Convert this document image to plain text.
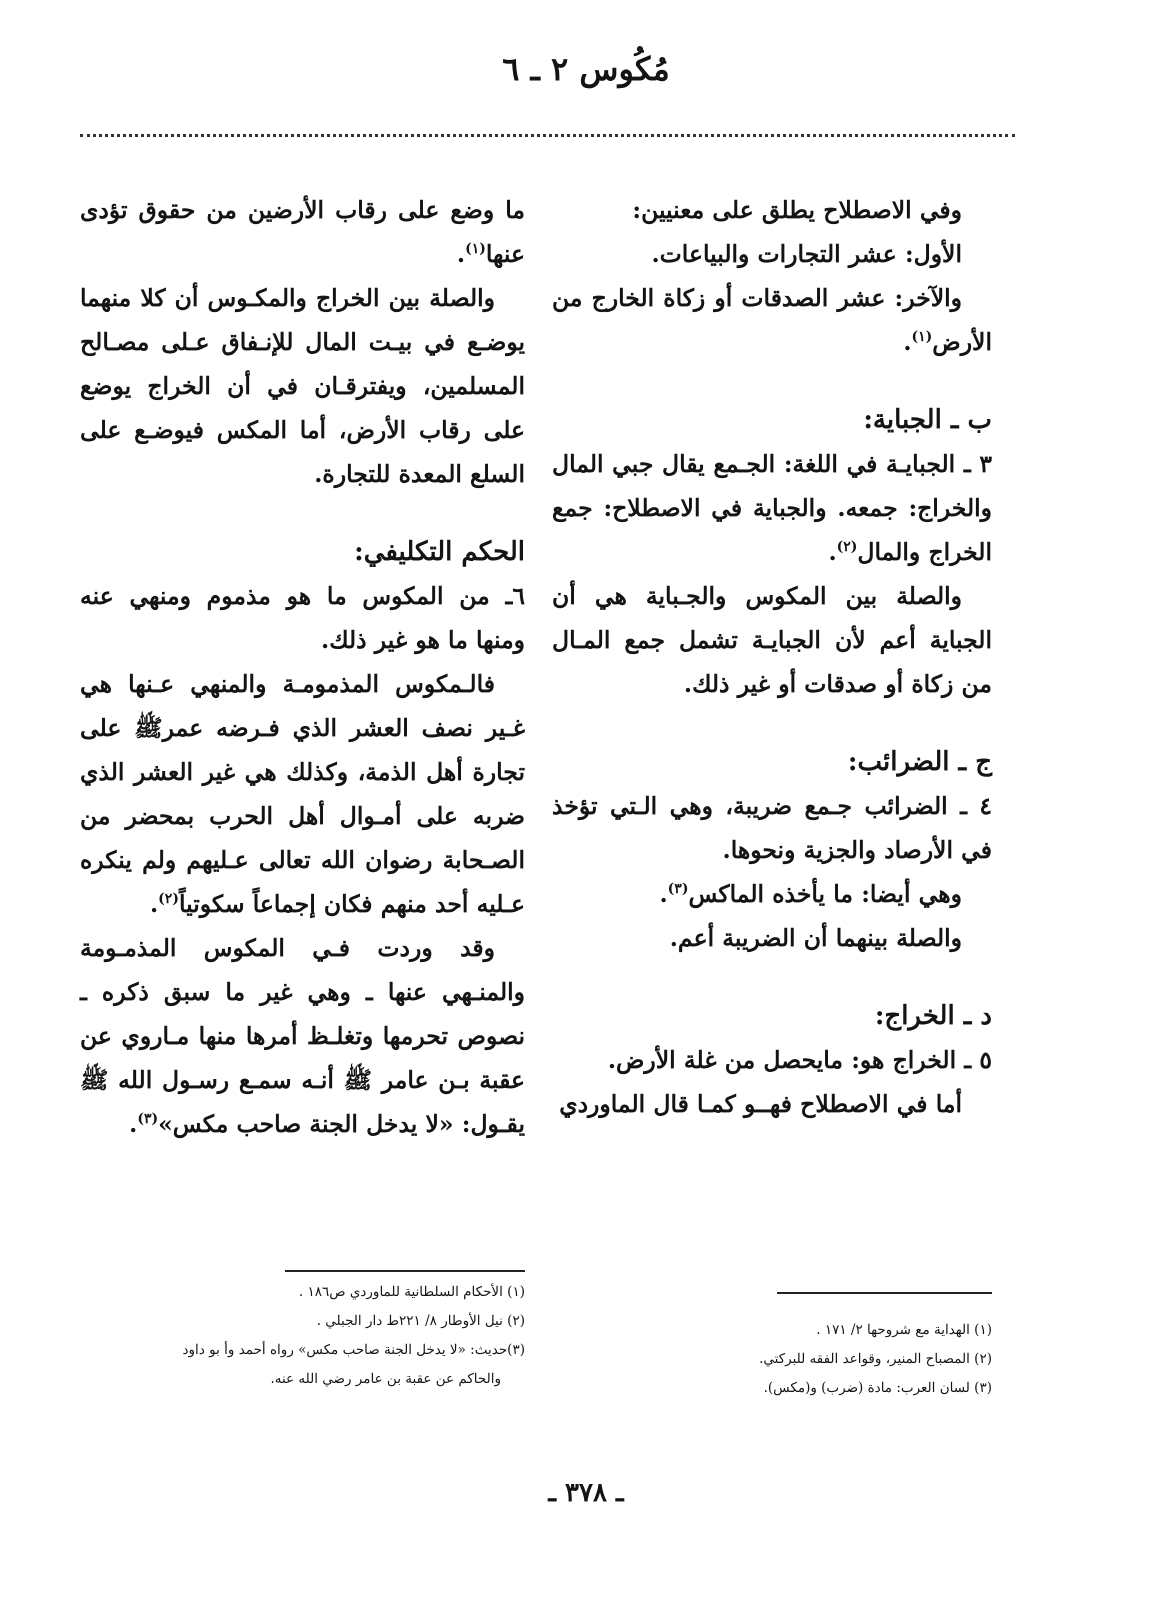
مُكُوس ٢ ـ ٦

وفي الاصطلاح يطلق على معنيين:

الأول: عشر التجارات والبياعات.

والآخر: عشر الصدقات أو زكاة الخارج من الأرض$^{(١)}$.

ب ـ الجباية:

٣ ـ الجبايـة في اللغة: الجـمع يقال جبي المال والخراج: جمعه. والجباية في الاصطلاح: جمع الخراج والمال$^{(٢)}$.

والصلة بين المكوس والجـباية هي أن الجباية أعم لأن الجبايـة تشمل جمع المـال من زكاة أو صدقات أو غير ذلك.

ج ـ الضرائب:

٤ ـ الضرائب جـمع ضريبة، وهي الـتي تؤخذ في الأرصاد والجزية ونحوها.

وهي أيضا: ما يأخذه الماكس$^{(٣)}$.

والصلة بينهما أن الضريبة أعم.

د ـ الخراج:

٥ ـ الخراج هو: مايحصل من غلة الأرض.

أما في الاصطلاح فهــو كمـا قال الماوردي

ما وضع على رقاب الأرضين من حقوق تؤدى عنها$^{(١)}$.

والصلة بين الخراج والمكـوس أن كلا منهما يوضـع في بيـت المال للإنـفاق عـلى مصـالح المسلمين، ويفترقـان في أن الخراج يوضع على رقاب الأرض، أما المكس فيوضـع على السلع المعدة للتجارة.

الحكم التكليفي:

٦ـ من المكوس ما هو مذموم ومنهي عنه ومنها ما هو غير ذلك.

فالـمكوس المذمومـة والمنهي عـنها هي غـير نصف العشر الذي فـرضه عمرﷺ على تجارة أهل الذمة، وكذلك هي غير العشر الذي ضربه على أمـوال أهل الحرب بمحضر من الصـحابة رضوان الله تعالى عـليهم ولم ينكره عـليه أحد منهم فكان إجماعاً سكوتياً$^{(٢)}$.

وقد وردت فـي المكوس المذمـومة والمنـهي عنها ـ وهي غير ما سبق ذكره ـ نصوص تحرمها وتغلـظ أمرها منها مـاروي عن عقبة بـن عامر ﷺ أنـه سمـع رسـول الله ﷺ يقـول: «لا يدخل الجنة صاحب مكس»$^{(٣)}$.

(١) الهداية مع شروحها ٢/ ١٧١ .

(٢) المصباح المنير، وقواعد الفقه للبركتي.

(٣) لسان العرب: مادة (ضرب) و(مكس).

(١) الأحكام السلطانية للماوردي ص١٨٦ .

(٢) نيل الأوطار ٨/ ٢٢١ط دار الجبلي .

(٣)حديث: «لا يدخل الجنة صاحب مكس» رواه أحمد وأ بو داود

والحاكم عن عقبة بن عامر رضي الله عنه.

ـ ٣٧٨ ـ
